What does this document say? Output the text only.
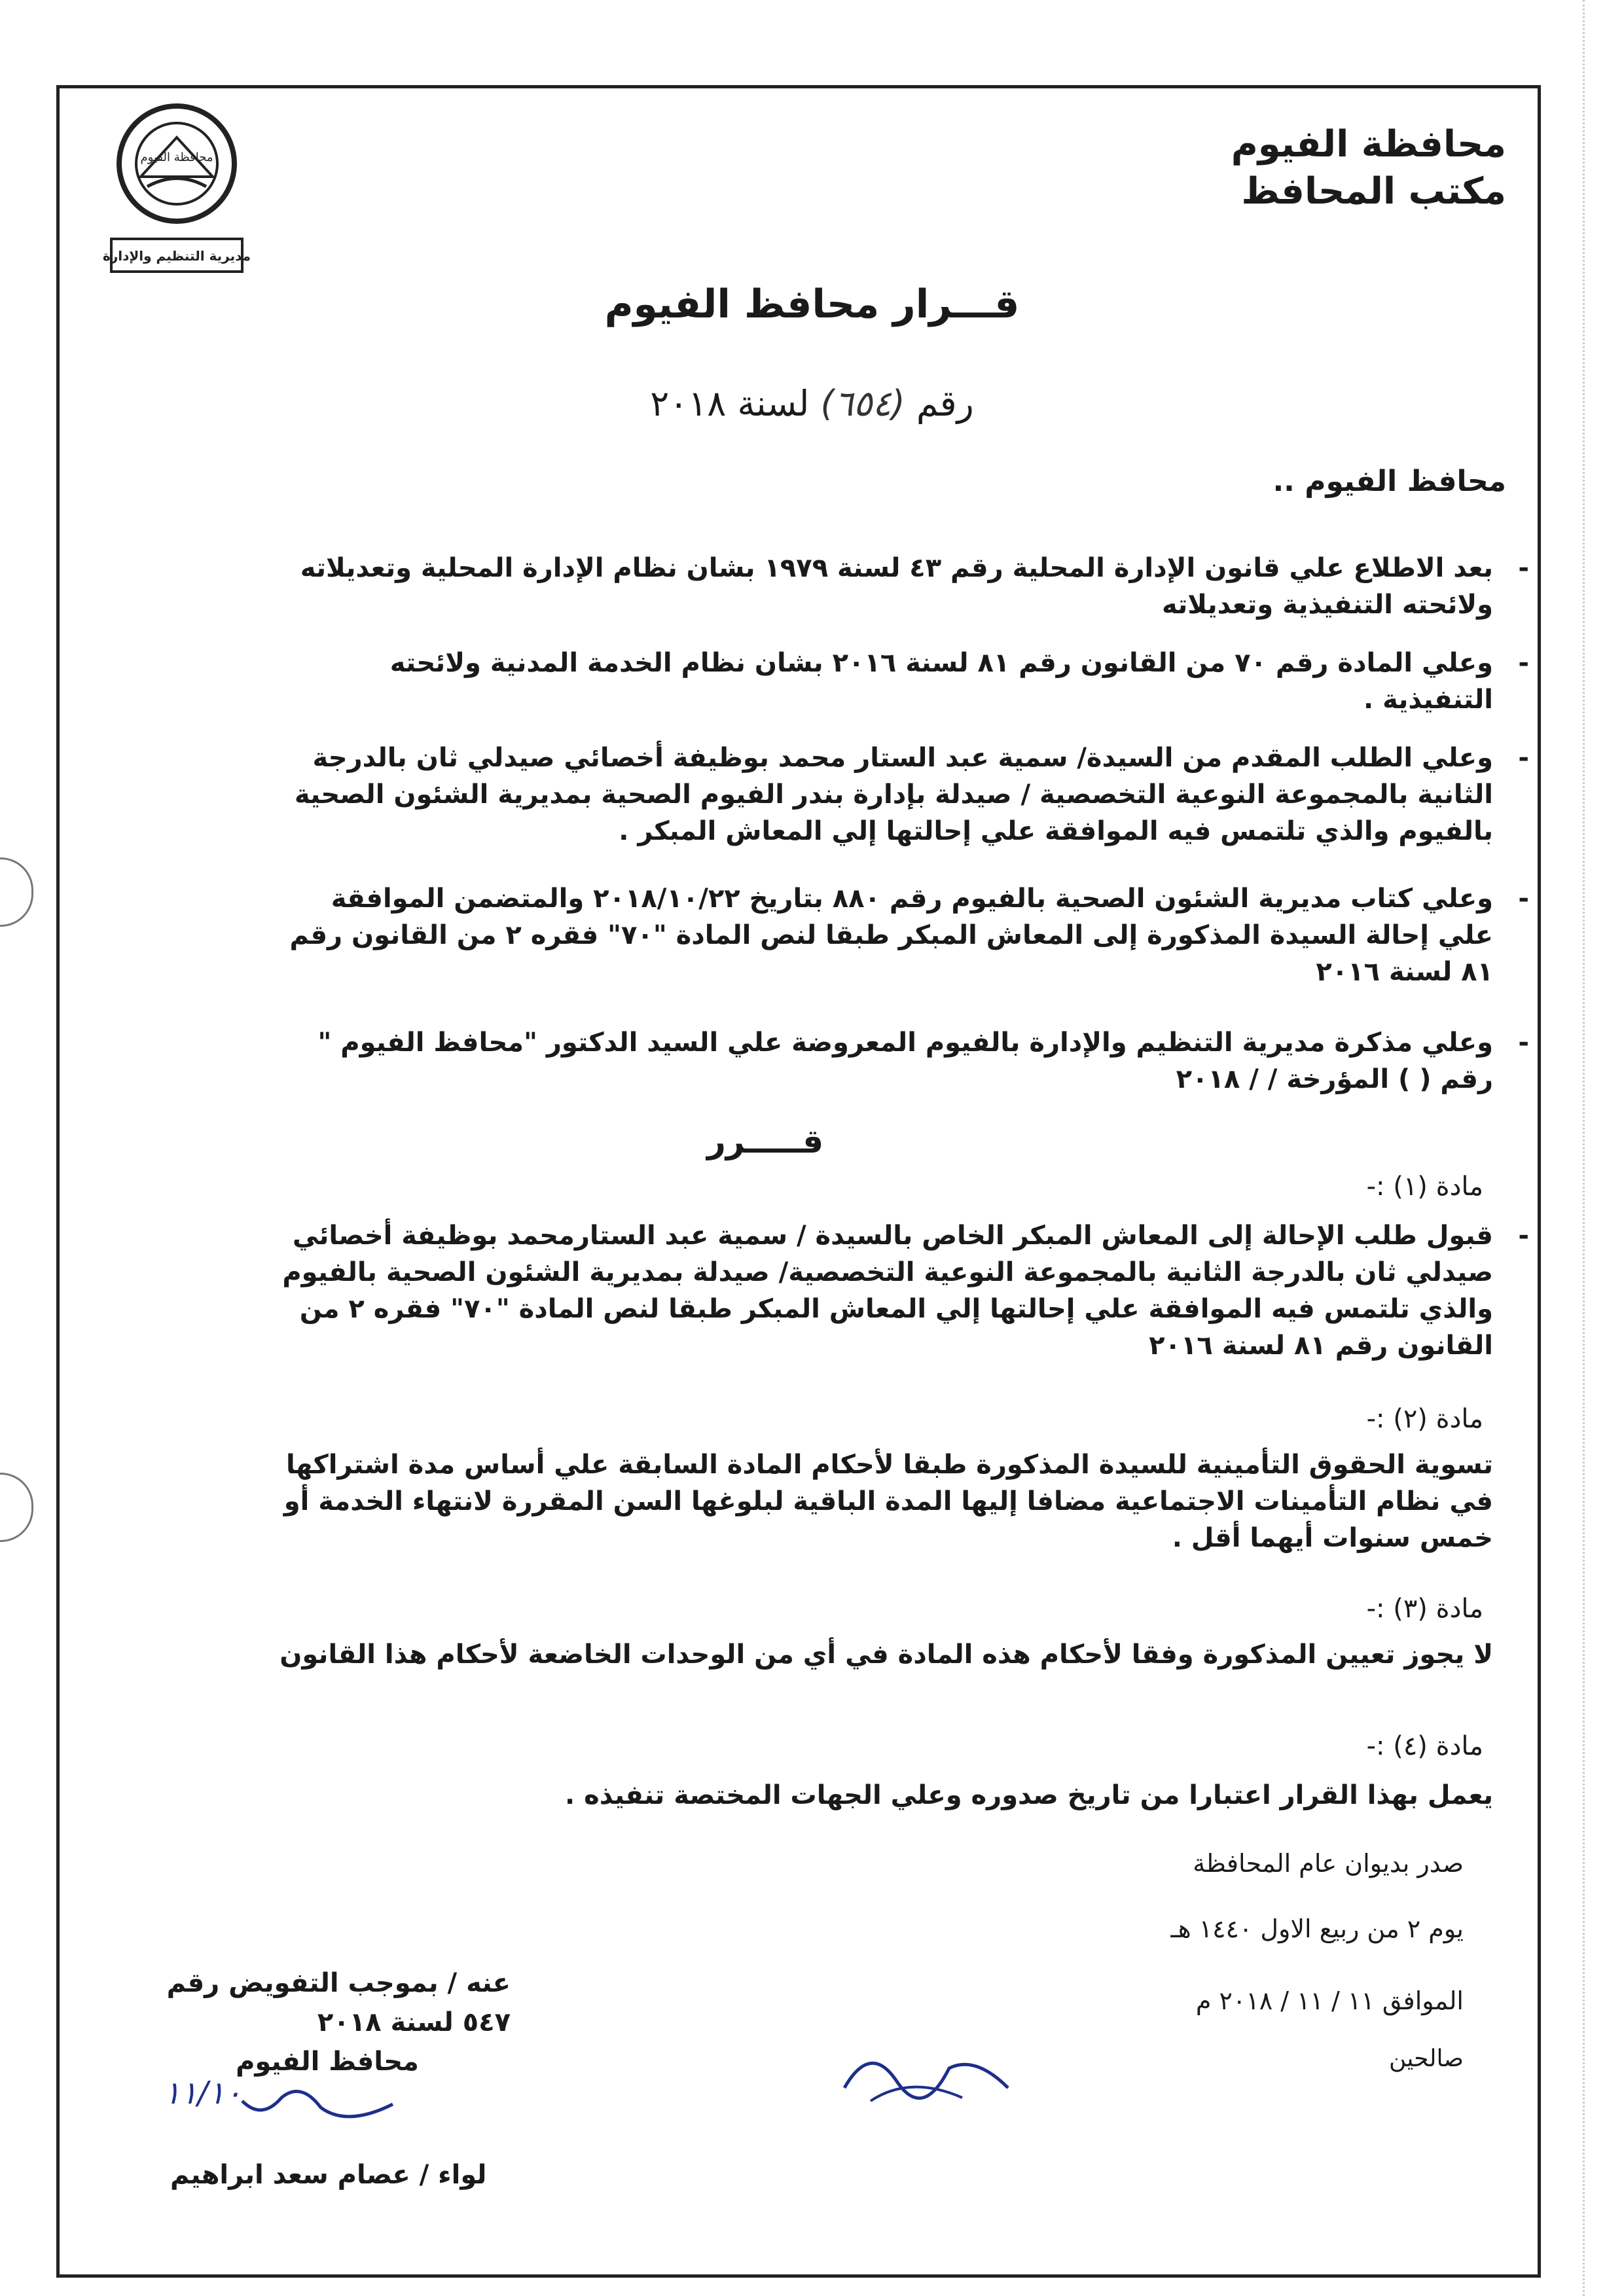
محافظة الفيوم
مكتب المحافظ
محافظة الفيوم
مديرية التنظيم والإدارة
قـــرار محافظ الفيوم
رقم (٦٥٤) لسنة ٢٠١٨
محافظ الفيوم ..
-
بعد الاطلاع علي قانون الإدارة المحلية رقم ٤٣ لسنة ١٩٧٩ بشان نظام الإدارة المحلية وتعديلاته ولائحته التنفيذية وتعديلاته
-
وعلي المادة رقم ٧٠ من القانون رقم ٨١ لسنة ٢٠١٦ بشان نظام الخدمة المدنية ولائحته التنفيذية .
-
وعلي الطلب المقدم من السيدة/ سمية عبد الستار محمد بوظيفة أخصائي صيدلي ثان بالدرجة الثانية بالمجموعة النوعية التخصصية / صيدلة بإدارة بندر الفيوم الصحية بمديرية الشئون الصحية بالفيوم والذي تلتمس فيه الموافقة علي إحالتها إلي المعاش المبكر .
-
وعلي كتاب مديرية الشئون الصحية بالفيوم رقم ٨٨٠ بتاريخ ٢٠١٨/١٠/٢٢ والمتضمن الموافقة علي إحالة السيدة المذكورة إلى المعاش المبكر طبقا لنص المادة "٧٠" فقره ٢ من القانون رقم ٨١ لسنة ٢٠١٦
-
وعلي مذكرة مديرية التنظيم والإدارة بالفيوم المعروضة علي السيد الدكتور "محافظ الفيوم " رقم ( ) المؤرخة / / ٢٠١٨
قـــــرر
مادة (١) :-
-
قبول طلب الإحالة إلى المعاش المبكر الخاص بالسيدة / سمية عبد الستارمحمد بوظيفة أخصائي صيدلي ثان بالدرجة الثانية بالمجموعة النوعية التخصصية/ صيدلة بمديرية الشئون الصحية بالفيوم والذي تلتمس فيه الموافقة علي إحالتها إلي المعاش المبكر طبقا لنص المادة "٧٠" فقره ٢ من القانون رقم ٨١ لسنة ٢٠١٦
مادة (٢) :-
تسوية الحقوق التأمينية للسيدة المذكورة طبقا لأحكام المادة السابقة علي أساس مدة اشتراكها في نظام التأمينات الاجتماعية مضافا إليها المدة الباقية لبلوغها السن المقررة لانتهاء الخدمة أو خمس سنوات أيهما أقل .
مادة (٣) :-
لا يجوز تعيين المذكورة وفقا لأحكام هذه المادة في أي من الوحدات الخاضعة لأحكام هذا القانون
مادة (٤) :-
يعمل بهذا القرار اعتبارا من تاريخ صدوره وعلي الجهات المختصة تنفيذه .
صدر بديوان عام المحافظة
يوم ٢ من ربيع الاول ١٤٤٠ هـ
الموافق ١١ / ١١ / ٢٠١٨ م
صالحين
عنه / بموجب التفويض رقم ٥٤٧ لسنة ٢٠١٨
محافظ الفيوم
١١/١٠
لواء / عصام سعد ابراهيم
